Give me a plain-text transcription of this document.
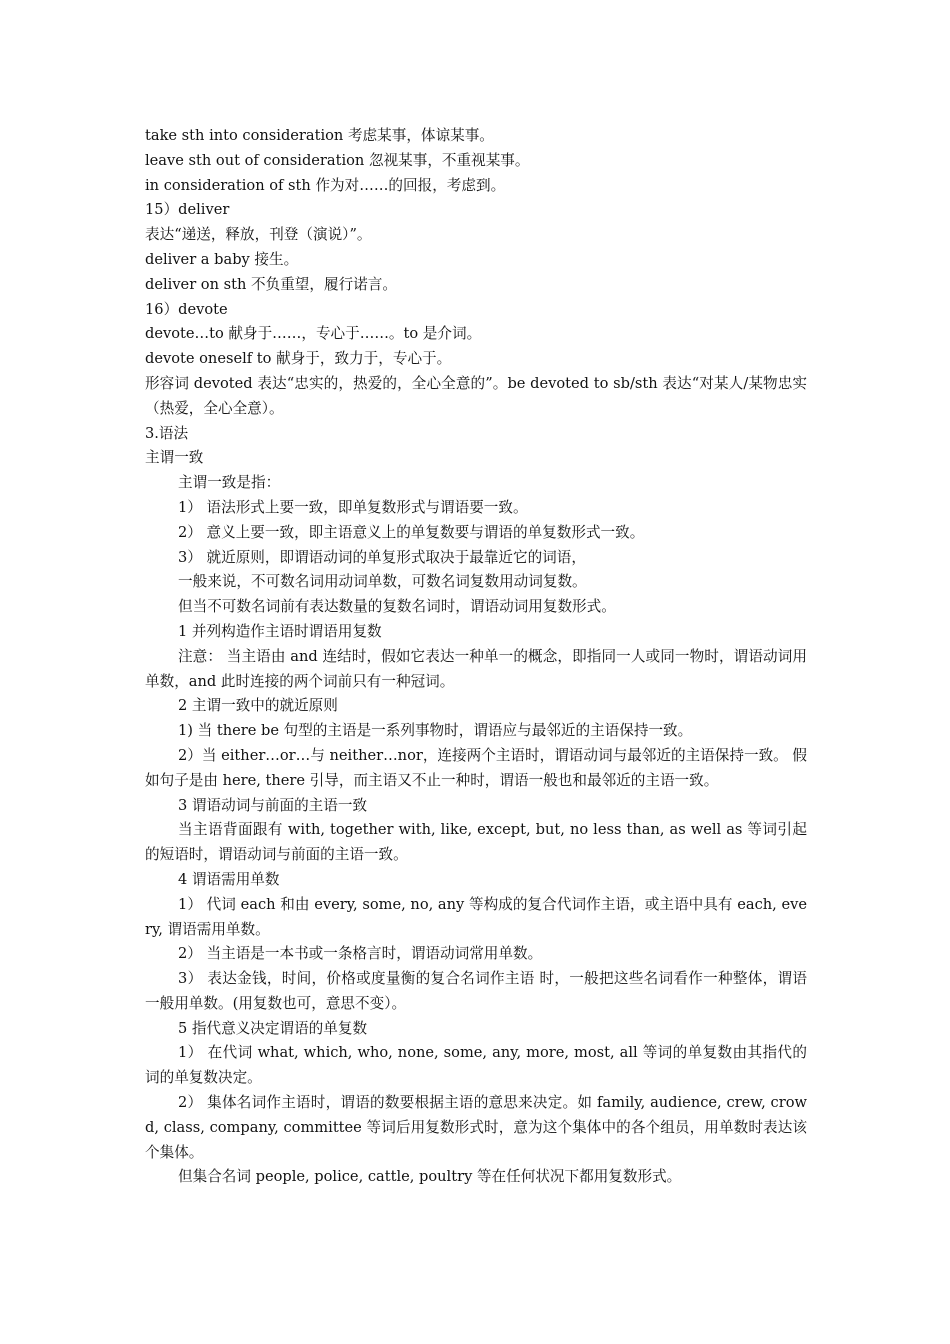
take sth into consideration 考虑某事，体谅某事。

leave sth out of consideration 忽视某事，不重视某事。

in consideration of sth 作为对……的回报，考虑到。

15）deliver

表达“递送，释放，刊登（演说）”。

deliver a baby 接生。

deliver on sth 不负重望，履行诺言。

16）devote

devote…to 献身于……，专心于……。to 是介词。

devote oneself to 献身于，致力于，专心于。

形容词 devoted 表达“忠实的，热爱的，全心全意的”。be devoted to sb/sth 表达“对某人/某物忠实（热爱，全心全意）。

3.语法

主谓一致

主谓一致是指：

1） 语法形式上要一致，即单复数形式与谓语要一致。

2） 意义上要一致，即主语意义上的单复数要与谓语的单复数形式一致。

3） 就近原则，即谓语动词的单复形式取决于最靠近它的词语，

一般来说，不可数名词用动词单数，可数名词复数用动词复数。

但当不可数名词前有表达数量的复数名词时，谓语动词用复数形式。

1 并列构造作主语时谓语用复数

注意： 当主语由 and 连结时，假如它表达一种单一的概念，即指同一人或同一物时，谓语动词用单数，and 此时连接的两个词前只有一种冠词。

2 主谓一致中的就近原则

1) 当 there be 句型的主语是一系列事物时，谓语应与最邻近的主语保持一致。

2）当 either…or…与 neither…nor，连接两个主语时，谓语动词与最邻近的主语保持一致。 假如句子是由 here, there 引导，而主语又不止一种时，谓语一般也和最邻近的主语一致。

3 谓语动词与前面的主语一致

当主语背面跟有 with, together with, like, except, but, no less than, as well as 等词引起的短语时，谓语动词与前面的主语一致。

4 谓语需用单数

1） 代词 each 和由 every, some, no, any 等构成的复合代词作主语，或主语中具有 each, every, 谓语需用单数。

2） 当主语是一本书或一条格言时，谓语动词常用单数。

3） 表达金钱，时间，价格或度量衡的复合名词作主语 时，一般把这些名词看作一种整体，谓语一般用单数。(用复数也可，意思不变）。

5 指代意义决定谓语的单复数

1） 在代词 what, which, who, none, some, any, more, most, all 等词的单复数由其指代的词的单复数决定。

2） 集体名词作主语时，谓语的数要根据主语的意思来决定。如 family, audience, crew, crowd, class, company, committee 等词后用复数形式时，意为这个集体中的各个组员，用单数时表达该个集体。

但集合名词 people, police, cattle, poultry 等在任何状况下都用复数形式。
